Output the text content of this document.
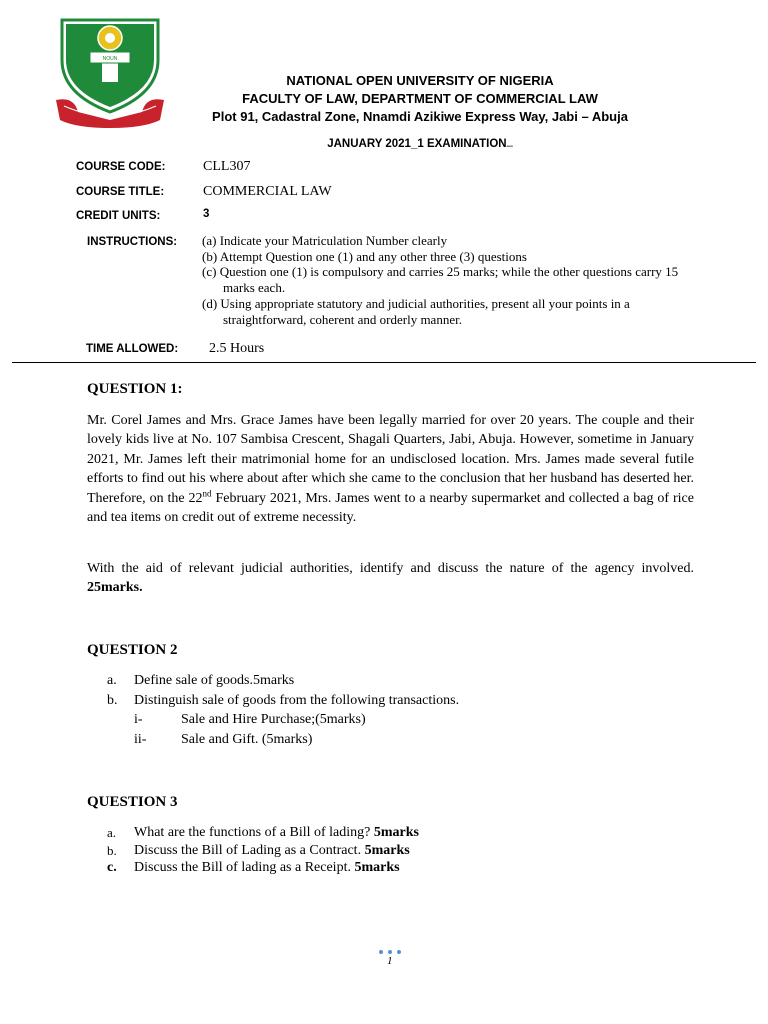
NOUN
NATIONAL OPEN UNIVERSITY OF NIGERIA
FACULTY OF LAW, DEPARTMENT OF COMMERCIAL LAW
Plot 91, Cadastral Zone, Nnamdi Azikiwe Express Way, Jabi – Abuja
JANUARY 2021_1 EXAMINATIONcum
COURSE CODE:	CLL307
COURSE TITLE:	COMMERCIAL LAW
CREDIT UNITS:	3
INSTRUCTIONS: (a) Indicate your Matriculation Number clearly
(b) Attempt Question one (1) and any other three (3) questions
(c) Question one (1) is compulsory and carries 25 marks; while the other questions carry 15 marks each.
(d) Using appropriate statutory and judicial authorities, present all your points in a straightforward, coherent and orderly manner.
TIME ALLOWED: 2.5 Hours
QUESTION 1:

Mr. Corel James and Mrs. Grace James have been legally married for over 20 years. The couple and their lovely kids live at No. 107 Sambisa Crescent, Shagali Quarters, Jabi, Abuja. However, sometime in January 2021, Mr. James left their matrimonial home for an undisclosed location. Mrs. James made several futile efforts to find out his where about after which she came to the conclusion that her husband has deserted her. Therefore, on the 22nd February 2021, Mrs. James went to a nearby supermarket and collected a bag of rice and tea items on credit out of extreme necessity.

With the aid of relevant judicial authorities, identify and discuss the nature of the agency involved. 25marks.

QUESTION 2
a. Define sale of goods.5marks
b. Distinguish sale of goods from the following transactions.
i-	Sale and Hire Purchase;(5marks)
ii- Sale and Gift. (5marks)
QUESTION 3
a. What are the functions of a Bill of lading? 5marks
b. Discuss the Bill of Lading as a Contract. 5marks
c. Discuss the Bill of lading as a Receipt. 5marks
1
